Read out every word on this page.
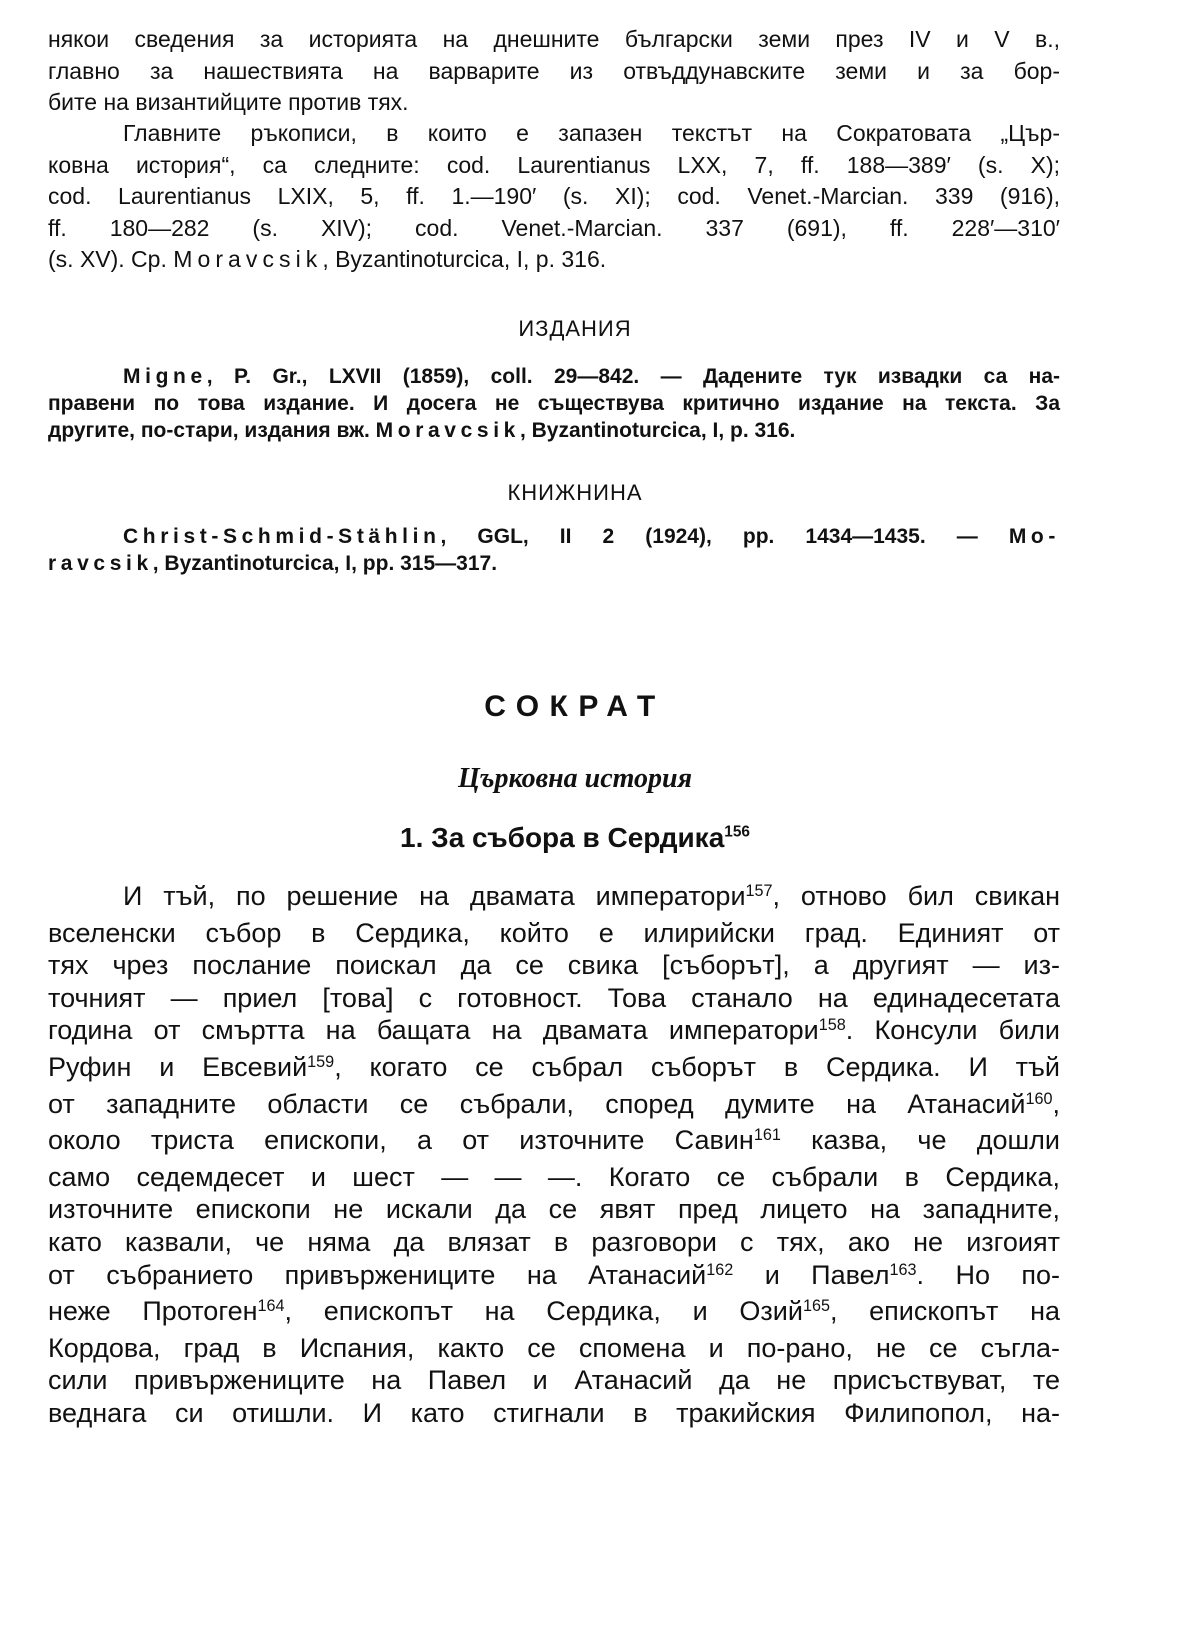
някои сведения за историята на днешните български земи през IV и V в.,
главно за нашествията на варварите из отвъддунавските земи и за бор-
бите на византийците против тях.
Главните ръкописи, в които е запазен текстът на Сократовата „Цър-
ковна история“, са следните: cod. Laurentianus LXX, 7, ff. 188—389′ (s. X);
cod. Laurentianus LXIX, 5, ff. 1.—190′ (s. XI); cod. Venet.-Marcian. 339 (916),
ff. 180—282 (s. XIV); cod. Venet.-Marcian. 337 (691), ff. 228′—310′
(s. XV). Ср. Moravcsik, Byzantinoturcica, I, p. 316.
ИЗДАНИЯ
Migne, P. Gr., LXVII (1859), coll. 29—842. — Дадените тук извадки са на-
правени по това издание. И досега не съществува критично издание на текста. За
другите, по-стари, издания вж. Moravcsik, Byzantinoturcica, I, p. 316.
КНИЖНИНА
Christ-Schmid-Stählin, GGL, II 2 (1924), pp. 1434—1435. — Mo-
ravcsik, Byzantinoturcica, I, pp. 315—317.
СОКРАТ
Църковна история
1. За събора в Сердика$^{156}$
И тъй, по решение на двамата императори$^{157}$, отново бил свикан
вселенски събор в Сердика, който е илирийски град. Единият от
тях чрез послание поискал да се свика [съборът], а другият — из-
точният — приел [това] с готовност. Това станало на единадесетата
година от смъртта на бащата на двамата императори$^{158}$. Консули били
Руфин и Евсевий$^{159}$, когато се събрал съборът в Сердика. И тъй
от западните области се събрали, според думите на Атанасий$^{160}$,
около триста епископи, а от източните Савин$^{161}$ казва, че дошли
само седемдесет и шест — — —. Когато се събрали в Сердика,
източните епископи не искали да се явят пред лицето на западните,
като казвали, че няма да влязат в разговори с тях, ако не изгоият
от събранието привържениците на Атанасий$^{162}$ и Павел$^{163}$. Но по-
неже Протоген$^{164}$, епископът на Сердика, и Озий$^{165}$, епископът на
Кордова, град в Испания, както се спомена и по-рано, не се съгла-
сили привържениците на Павел и Атанасий да не присъствуват, те
веднага си отишли. И като стигнали в тракийския Филипопол, на-
